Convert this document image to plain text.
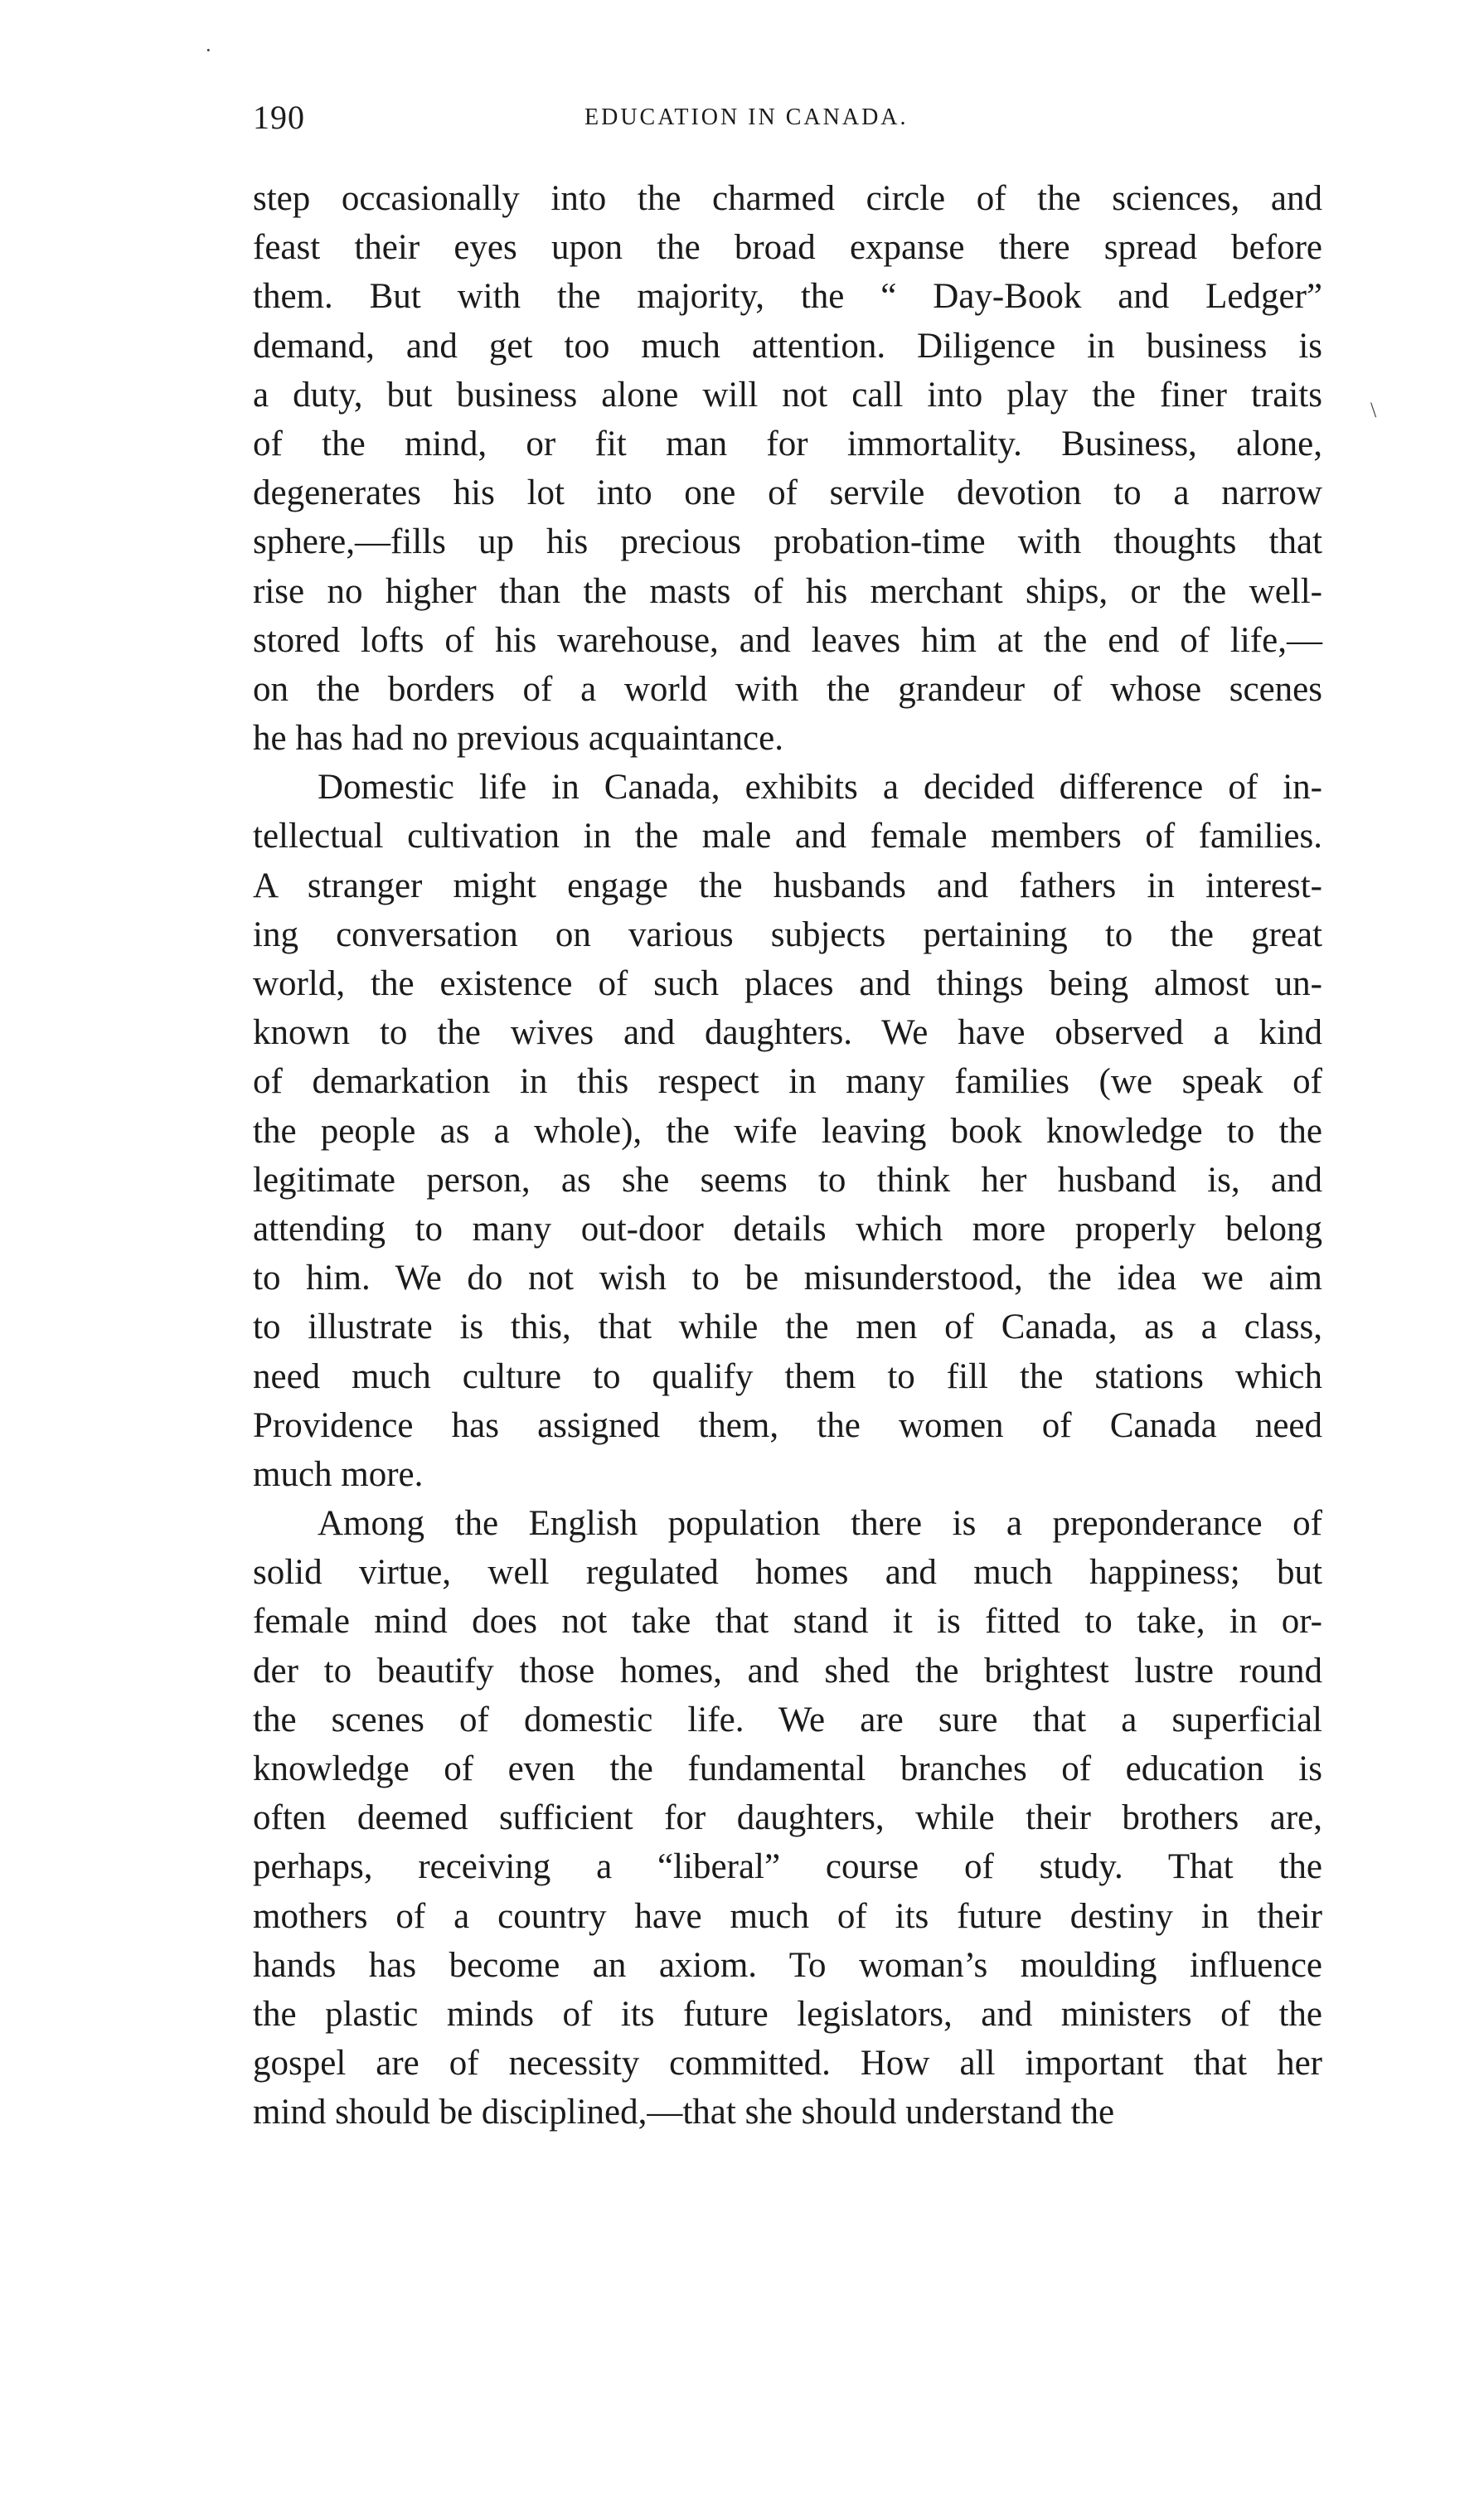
190	EDUCATION IN CANADA.
step occasionally into the charmed circle of the sciences, and
feast their eyes upon the broad expanse there spread before
them. But with the majority, the “ Day-Book and Ledger”
demand, and get too much attention. Diligence in business is
a duty, but business alone will not call into play the finer traits
of the mind, or fit man for immortality. Business, alone,
degenerates his lot into one of servile devotion to a narrow
sphere,—fills up his precious probation-time with thoughts that
rise no higher than the masts of his merchant ships, or the well-
stored lofts of his warehouse, and leaves him at the end of life,—
on the borders of a world with the grandeur of whose scenes
he has had no previous acquaintance.
Domestic life in Canada, exhibits a decided difference of in-
tellectual cultivation in the male and female members of families.
A stranger might engage the husbands and fathers in interest-
ing conversation on various subjects pertaining to the great
world, the existence of such places and things being almost un-
known to the wives and daughters. We have observed a kind
of demarkation in this respect in many families (we speak of
the people as a whole), the wife leaving book knowledge to the
legitimate person, as she seems to think her husband is, and
attending to many out-door details which more properly belong
to him. We do not wish to be misunderstood, the idea we aim
to illustrate is this, that while the men of Canada, as a class,
need much culture to qualify them to fill the stations which
Providence has assigned them, the women of Canada need
much more.
Among the English population there is a preponderance of
solid virtue, well regulated homes and much happiness; but
female mind does not take that stand it is fitted to take, in or-
der to beautify those homes, and shed the brightest lustre round
the scenes of domestic life. We are sure that a superficial
knowledge of even the fundamental branches of education is
often deemed sufficient for daughters, while their brothers are,
perhaps, receiving a “liberal” course of study. That the
mothers of a country have much of its future destiny in their
hands has become an axiom. To woman’s moulding influence
the plastic minds of its future legislators, and ministers of the
gospel are of necessity committed. How all important that her
mind should be disciplined,—that she should understand the
·
\
